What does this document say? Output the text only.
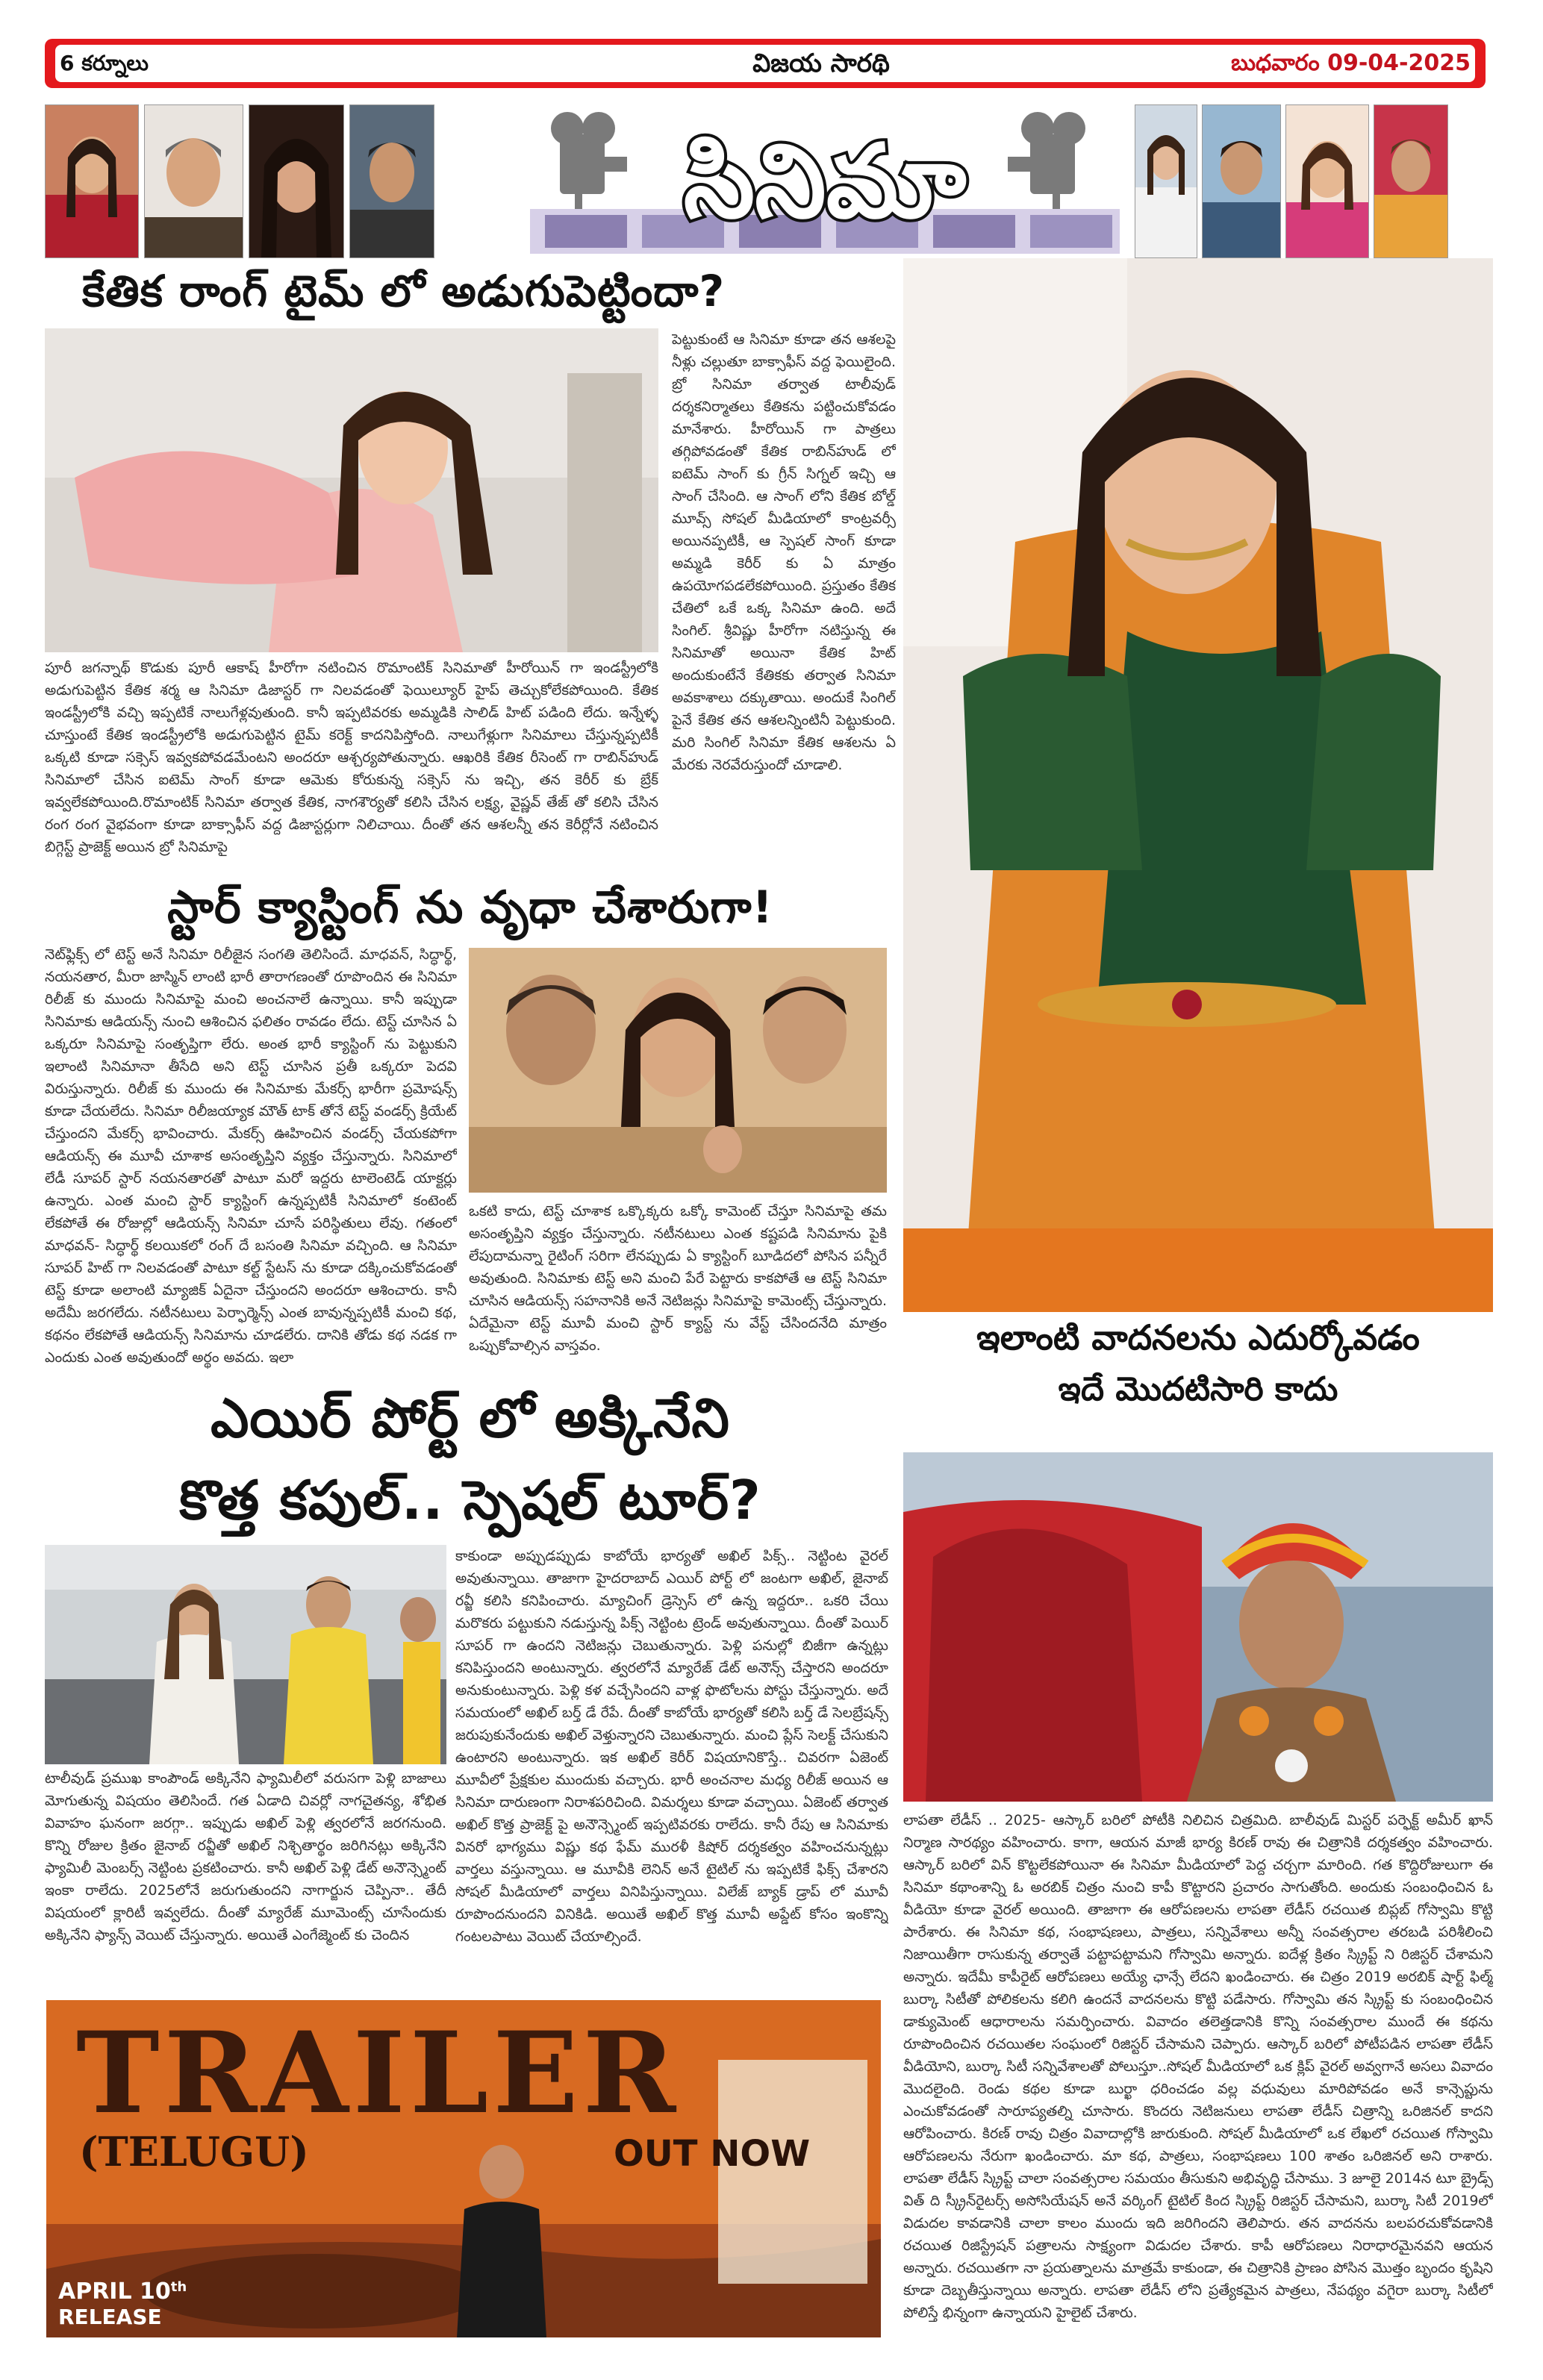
6 కర్నూలు	విజయ సారథి	బుధవారం 09-04-2025
సినిమా
కేతిక రాంగ్ టైమ్ లో అడుగుపెట్టిందా?
పూరీ జగన్నాథ్ కొడుకు పూరీ ఆకాష్ హీరోగా నటించిన రొమాంటిక్ సినిమాతో హీరోయిన్ గా ఇండస్ట్రీలోకి అడుగుపెట్టిన కేతిక శర్మ ఆ సినిమా డిజాస్టర్ గా నిలవడంతో ఫెయిల్యూర్ హైప్ తెచ్చుకోలేకపోయింది. కేతిక ఇండస్ట్రీలోకి వచ్చి ఇప్పటికే నాలుగేళ్లవుతుంది. కానీ ఇప్పటివరకు అమ్మడికి సాలిడ్ హిట్ పడింది లేదు. ఇన్నేళ్ళ చూస్తుంటే కేతిక ఇండస్ట్రీలోకి అడుగుపెట్టిన టైమ్ కరెక్ట్ కాదనిపిస్తోంది. నాలుగేళ్లుగా సినిమాలు చేస్తున్నప్పటికీ ఒక్కటి కూడా సక్సెస్ ఇవ్వకపోవడమేంటని అందరూ ఆశ్చర్యపోతున్నారు. ఆఖరికి కేతిక రీసెంట్ గా రాబిన్‌హుడ్ సినిమాలో చేసిన ఐటెమ్ సాంగ్ కూడా ఆమెకు కోరుకున్న సక్సెస్ ను ఇచ్చి, తన కెరీర్ కు బ్రేక్ ఇవ్వలేకపోయింది.రొమాంటిక్ సినిమా తర్వాత కేతిక, నాగశౌర్యతో కలిసి చేసిన లక్ష్య, వైష్ణవ్ తేజ్ తో కలిసి చేసిన రంగ రంగ వైభవంగా కూడా బాక్సాఫీస్ వద్ద డిజాస్టర్లుగా నిలిచాయి. దీంతో తన ఆశలన్నీ తన కెరీర్లోనే నటించిన బిగ్గెస్ట్ ప్రాజెక్ట్ అయిన బ్రో సినిమాపై
పెట్టుకుంటే ఆ సినిమా కూడా తన ఆశలపై నీళ్లు చల్లుతూ బాక్సాఫీస్ వద్ద ఫెయిలైంది. బ్రో సినిమా తర్వాత టాలీవుడ్ దర్శకనిర్మాతలు కేతికను పట్టించుకోవడం మానేశారు. హీరోయిన్ గా పాత్రలు తగ్గిపోవడంతో కేతిక రాబిన్‌హుడ్ లో ఐటెమ్ సాంగ్ కు గ్రీన్ సిగ్నల్ ఇచ్చి ఆ సాంగ్ చేసింది. ఆ సాంగ్ లోని కేతిక బోల్డ్ మూవ్స్ సోషల్ మీడియాలో కాంట్రవర్సీ అయినప్పటికీ, ఆ స్పెషల్ సాంగ్ కూడా అమ్మడి కెరీర్ కు ఏ మాత్రం ఉపయోగపడలేకపోయింది. ప్రస్తుతం కేతిక చేతిలో ఒకే ఒక్క సినిమా ఉంది. అదే సింగిల్. శ్రీవిష్ణు హీరోగా నటిస్తున్న ఈ సినిమాతో అయినా కేతిక హిట్ అందుకుంటేనే కేతికకు తర్వాత సినిమా అవకాశాలు దక్కుతాయి. అందుకే సింగిల్ పైనే కేతిక తన ఆశలన్నింటినీ పెట్టుకుంది. మరి సింగిల్ సినిమా కేతిక ఆశలను ఏ మేరకు నెరవేరుస్తుందో చూడాలి.
స్టార్ క్యాస్టింగ్ ను వృధా చేశారుగా!
నెట్‌ఫ్లిక్స్ లో టెస్ట్ అనే సినిమా రిలీజైన సంగతి తెలిసిందే. మాధవన్, సిద్ధార్థ్, నయనతార, మీరా జాస్మిన్ లాంటి భారీ తారాగణంతో రూపొందిన ఈ సినిమా రిలీజ్ కు ముందు సినిమాపై మంచి అంచనాలే ఉన్నాయి. కానీ ఇప్పుడా సినిమాకు ఆడియన్స్ నుంచి ఆశించిన ఫలితం రావడం లేదు. టెస్ట్ చూసిన ఏ ఒక్కరూ సినిమాపై సంతృప్తిగా లేరు. అంత భారీ క్యాస్టింగ్ ను పెట్టుకుని ఇలాంటి సినిమానా తీసేది అని టెస్ట్ చూసిన ప్రతీ ఒక్కరూ పెదవి విరుస్తున్నారు. రిలీజ్ కు ముందు ఈ సినిమాకు మేకర్స్ భారీగా ప్రమోషన్స్ కూడా చేయలేదు. సినిమా రిలీజయ్యాక మౌత్ టాక్ తోనే టెస్ట్ వండర్స్ క్రియేట్ చేస్తుందని మేకర్స్ భావించారు. మేకర్స్ ఊహించిన వండర్స్ చేయకపోగా ఆడియన్స్ ఈ మూవీ చూశాక అసంతృప్తిని వ్యక్తం చేస్తున్నారు. సినిమాలో లేడీ సూపర్ స్టార్ నయనతారతో పాటూ మరో ఇద్దరు టాలెంటెడ్ యాక్టర్లు ఉన్నారు. ఎంత మంచి స్టార్ క్యాస్టింగ్ ఉన్నప్పటికీ సినిమాలో కంటెంట్ లేకపోతే ఈ రోజుల్లో ఆడియన్స్ సినిమా చూసే పరిస్థితులు లేవు. గతంలో మాధవన్- సిద్ధార్థ్ కలయికలో రంగ్ దే బసంతి సినిమా వచ్చింది. ఆ సినిమా సూపర్ హిట్ గా నిలవడంతో పాటూ కల్ట్ స్టేటస్ ను కూడా దక్కించుకోవడంతో టెస్ట్ కూడా అలాంటి మ్యాజిక్ ఏదైనా చేస్తుందని అందరూ ఆశించారు. కానీ అదేమీ జరగలేదు. నటీనటులు పెర్ఫార్మెన్స్ ఎంత బావున్నప్పటికీ మంచి కథ, కథనం లేకపోతే ఆడియన్స్ సినిమాను చూడలేరు. దానికి తోడు కథ నడక గా ఎందుకు ఎంత అవుతుందో అర్థం అవదు. ఇలా
ఒకటి కాదు, టెస్ట్ చూశాక ఒక్కొక్కరు ఒక్కో కామెంట్ చేస్తూ సినిమాపై తమ అసంతృప్తిని వ్యక్తం చేస్తున్నారు. నటీనటులు ఎంత కష్టపడి సినిమాను పైకి లేపుదామన్నా రైటింగ్ సరిగా లేనప్పుడు ఏ క్యాస్టింగ్ బూడిదలో పోసిన పన్నీరే అవుతుంది. సినిమాకు టెస్ట్ అని మంచి పేరే పెట్టారు కాకపోతే ఆ టెస్ట్ సినిమా చూసిన ఆడియన్స్ సహనానికి అనే నెటిజన్లు సినిమాపై కామెంట్స్ చేస్తున్నారు. ఏదేమైనా టెస్ట్ మూవీ మంచి స్టార్ క్యాస్ట్ ను వేస్ట్ చేసిందనేది మాత్రం ఒప్పుకోవాల్సిన వాస్తవం.	ఇలాంటి వాదనలను ఎదుర్కోవడం
ఇదే మొదటిసారి కాదు
ఎయిర్ పోర్ట్ లో అక్కినేని
కొత్త కపుల్.. స్పెషల్ టూర్?
టాలీవుడ్ ప్రముఖ కాంపౌండ్ అక్కినేని ఫ్యామిలీలో వరుసగా పెళ్లి బాజాలు మోగుతున్న విషయం తెలిసిందే. గత ఏడాది చివర్లో నాగచైతన్య, శోభిత వివాహం ఘనంగా జరగ్గా.. ఇప్పుడు అఖిల్ పెళ్లి త్వరలోనే జరగనుంది. కొన్ని రోజుల క్రితం జైనాబ్ రవ్జీతో అఖిల్ నిశ్చితార్థం జరిగినట్లు అక్కినేని ఫ్యామిలీ మెంబర్స్ నెట్టింట ప్రకటించారు. కానీ అఖిల్ పెళ్లి డేట్ అనౌన్స్మెంట్ ఇంకా రాలేదు. 2025లోనే జరుగుతుందని నాగార్జున చెప్పినా.. తేదీ విషయంలో క్లారిటీ ఇవ్వలేదు. దీంతో మ్యారేజ్ మూమెంట్స్ చూసేందుకు అక్కినేని ఫ్యాన్స్ వెయిట్ చేస్తున్నారు. అయితే ఎంగేజ్మెంట్ కు చెందిన
కాకుండా అప్పుడప్పుడు కాబోయే భార్యతో అఖిల్ పిక్స్.. నెట్టింట వైరల్ అవుతున్నాయి. తాజాగా హైదరాబాద్ ఎయిర్ పోర్ట్ లో జంటగా అఖిల్, జైనాబ్ రవ్జీ కలిసి కనిపించారు. మ్యాచింగ్ డ్రెస్సెస్ లో ఉన్న ఇద్దరూ.. ఒకరి చేయి మరొకరు పట్టుకుని నడుస్తున్న పిక్స్ నెట్టింట ట్రెండ్ అవుతున్నాయి. దీంతో పెయిర్ సూపర్ గా ఉందని నెటిజన్లు చెబుతున్నారు. పెళ్లి పనుల్లో బిజీగా ఉన్నట్లు కనిపిస్తుందని అంటున్నారు. త్వరలోనే మ్యారేజ్ డేట్ అనౌన్స్ చేస్తారని అందరూ అనుకుంటున్నారు. పెళ్లి కళ వచ్చేసిందని వాళ్ల ఫొటోలను పోస్టు చేస్తున్నారు. అదే సమయంలో అఖిల్ బర్త్ డే రేపే. దీంతో కాబోయే భార్యతో కలిసి బర్త్ డే సెలబ్రేషన్స్ జరుపుకునేందుకు అఖిల్ వెళ్తున్నారని చెబుతున్నారు. మంచి ప్లేస్ సెలక్ట్ చేసుకుని ఉంటారని అంటున్నారు. ఇక అఖిల్ కెరీర్ విషయానికొస్తే.. చివరగా ఏజెంట్ మూవీలో ప్రేక్షకుల ముందుకు వచ్చారు. భారీ అంచనాల మధ్య రిలీజ్ అయిన ఆ సినిమా దారుణంగా నిరాశపరిచింది. విమర్శలు కూడా వచ్చాయి. ఏజెంట్ తర్వాత అఖిల్ కొత్త ప్రాజెక్ట్ పై అనౌన్స్మెంట్ ఇప్పటివరకు రాలేదు. కానీ రేపు ఆ సినిమాకు వినరో భాగ్యము విష్ణు కథ ఫేమ్ మురళీ కిషోర్ దర్శకత్వం వహించనున్నట్లు వార్తలు వస్తున్నాయి. ఆ మూవీకి లెనిన్ అనే టైటిల్ ను ఇప్పటికే ఫిక్స్ చేశారని సోషల్ మీడియాలో వార్తలు వినిపిస్తున్నాయి. విలేజ్ బ్యాక్ డ్రాప్ లో మూవీ రూపొందనుందని వినికిడి. అయితే అఖిల్ కొత్త మూవీ అప్డేట్ కోసం ఇంకొన్ని గంటలపాటు వెయిట్ చేయాల్సిందే.
లాపతా లేడీస్ .. 2025- ఆస్కార్ బరిలో పోటీకి నిలిచిన చిత్రమిది. బాలీవుడ్ మిస్టర్ పర్ఫెక్ట్ అమీర్ ఖాన్ నిర్మాణ సారథ్యం వహించారు. కాగా, ఆయన మాజీ భార్య కిరణ్ రావు ఈ చిత్రానికి దర్శకత్వం వహించారు. ఆస్కార్ బరిలో విన్ కొట్టలేకపోయినా ఈ సినిమా మీడియాలో పెద్ద చర్చగా మారింది. గత కొద్దిరోజులుగా ఈ సినిమా కథాంశాన్ని ఓ అరబిక్ చిత్రం నుంచి కాపీ కొట్టారని ప్రచారం సాగుతోంది. అందుకు సంబంధించిన ఓ వీడియో కూడా వైరల్ అయింది. తాజాగా ఈ ఆరోపణలను లాపతా లేడీస్ రచయిత బిప్లబ్ గోస్వామి కొట్టి పారేశారు. ఈ సినిమా కథ, సంభాషణలు, పాత్రలు, సన్నివేశాలు అన్నీ సంవత్సరాల తరబడి పరిశీలించి నిజాయితీగా రాసుకున్న తర్వాతే పట్టాపట్టామని గోస్వామి అన్నారు. ఐదేళ్ల క్రితం స్క్రిప్ట్ ని రిజిస్టర్ చేశామని అన్నారు. ఇదేమీ కాపీరైట్ ఆరోపణలు అయ్యే ఛాన్సే లేదని ఖండించారు. ఈ చిత్రం 2019 అరబిక్ షార్ట్ ఫిల్మ్ బుర్కా సిటీతో పోలికలను కలిగి ఉందనే వాదనలను కొట్టి పడేసారు. గోస్వామి తన స్క్రిప్ట్ కు సంబంధించిన డాక్యుమెంట్ ఆధారాలను సమర్పించారు. వివాదం తలెత్తడానికి కొన్ని సంవత్సరాల ముందే ఈ కథను రూపొందించిన రచయితల సంఘంలో రిజిస్టర్ చేసామని చెప్పారు. ఆస్కార్ బరిలో పోటీపడిన లాపతా లేడీస్ వీడియోని, బుర్కా సిటీ సన్నివేశాలతో పోలుస్తూ..సోషల్ మీడియాలో ఒక క్లిప్ వైరల్ అవ్వగానే అసలు వివాదం మొదలైంది. రెండు కథల కూడా బుర్ఖా ధరించడం వల్ల వధువులు మారిపోవడం అనే కాన్సెప్టును ఎంచుకోవడంతో సారూప్యతల్ని చూసారు. కొందరు నెటిజనులు లాపతా లేడీస్ చిత్రాన్ని ఒరిజినల్ కాదని ఆరోపించారు. కిరణ్ రావు చిత్రం వివాదాల్లోకి జారుకుంది. సోషల్ మీడియాలో ఒక లేఖలో రచయిత గోస్వామి ఆరోపణలను నేరుగా ఖండించారు. మా కథ, పాత్రలు, సంభాషణలు 100 శాతం ఒరిజినల్ అని రాశారు. లాపతా లేడీస్ స్క్రిప్ట్ చాలా సంవత్సరాల సమయం తీసుకుని అభివృద్ధి చేసాము. 3 జూలై 2014న టూ బ్రైడ్స్ విత్ ది స్క్రీన్‌రైటర్స్ అసోసియేషన్ అనే వర్కింగ్ టైటిల్ కింద స్క్రిప్ట్ రిజిస్టర్ చేసామని, బుర్కా సిటీ 2019లో విడుదల కావడానికి చాలా కాలం ముందు ఇది జరిగిందని తెలిపారు. తన వాదనను బలపరచుకోవడానికి రచయిత రిజిస్ట్రేషన్ పత్రాలను సాక్ష్యంగా విడుదల చేశారు. కాపీ ఆరోపణలు నిరాధారమైనవని ఆయన అన్నారు. రచయితగా నా ప్రయత్నాలను మాత్రమే కాకుండా, ఈ చిత్రానికి ప్రాణం పోసిన మొత్తం బృందం కృషిని కూడా దెబ్బతీస్తున్నాయి అన్నారు. లాపతా లేడీస్ లోని ప్రత్యేకమైన పాత్రలు, నేపథ్యం వగైరా బుర్కా సిటీలో పోలిస్తే భిన్నంగా ఉన్నాయని హైలైట్ చేశారు.
TRAILER
(TELUGU)	OUT NOW
APRIL 10th
RELEASE
